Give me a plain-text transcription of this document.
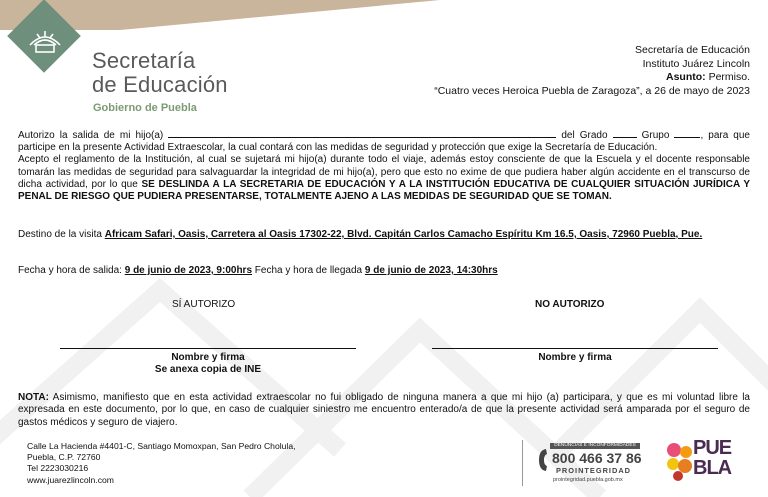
Secretaría
de Educación
Gobierno de Puebla
Secretaría de Educación
Instituto Juárez Lincoln
Asunto: Permiso.
“Cuatro veces Heroica Puebla de Zaragoza”, a 26 de mayo de 2023
Autorizo la salida de mi hijo(a)	del Grado  Grupo	, para que participe en la presente Actividad Extraescolar, la cual contará con las medidas de seguridad y protección que exige la Secretaría de Educación.
Acepto el reglamento de la Institución, al cual se sujetará mi hijo(a) durante todo el viaje, además estoy consciente de que la Escuela y el docente responsable tomarán las medidas de seguridad para salvaguardar la integridad de mi hijo(a), pero que esto no exime de que pudiera haber algún accidente en el transcurso de dicha actividad, por lo que SE DESLINDA A LA SECRETARIA DE EDUCACIÓN Y A LA INSTITUCIÓN EDUCATIVA DE CUALQUIER SITUACIÓN JURÍDICA Y PENAL DE RIESGO QUE PUDIERA PRESENTARSE, TOTALMENTE AJENO A LAS MEDIDAS DE SEGURIDAD QUE SE TOMAN.
Destino de la visita Africam Safari, Oasis, Carretera al Oasis 17302-22, Blvd. Capitán Carlos Camacho Espíritu Km 16.5, Oasis, 72960 Puebla, Pue.
Fecha y hora de salida: 9 de junio de 2023, 9:00hrs Fecha y hora de llegada 9 de junio de 2023, 14:30hrs
SÍ AUTORIZO	NO AUTORIZO
Nombre y firma
Se anexa copia de INE
Nombre y firma
NOTA: Asimismo, manifiesto que en esta actividad extraescolar no fui obligado de ninguna manera a que mi hijo (a) participara, y que es mi voluntad libre la expresada en este documento, por lo que, en caso de cualquier siniestro me encuentro enterado/a de que la presente actividad será amparada por el seguro de gastos médicos y seguro de viajero.
Calle La Hacienda #4401-C, Santiago Momoxpan, San Pedro Cholula,
Puebla, C.P. 72760
Tel 2223030216
www.juarezlincoln.com
DENUNCIAS E INCONFORMIDADES
800 466 37 86
PROINTEGRIDAD
prointegridad.puebla.gob.mx
PUE
BLA
